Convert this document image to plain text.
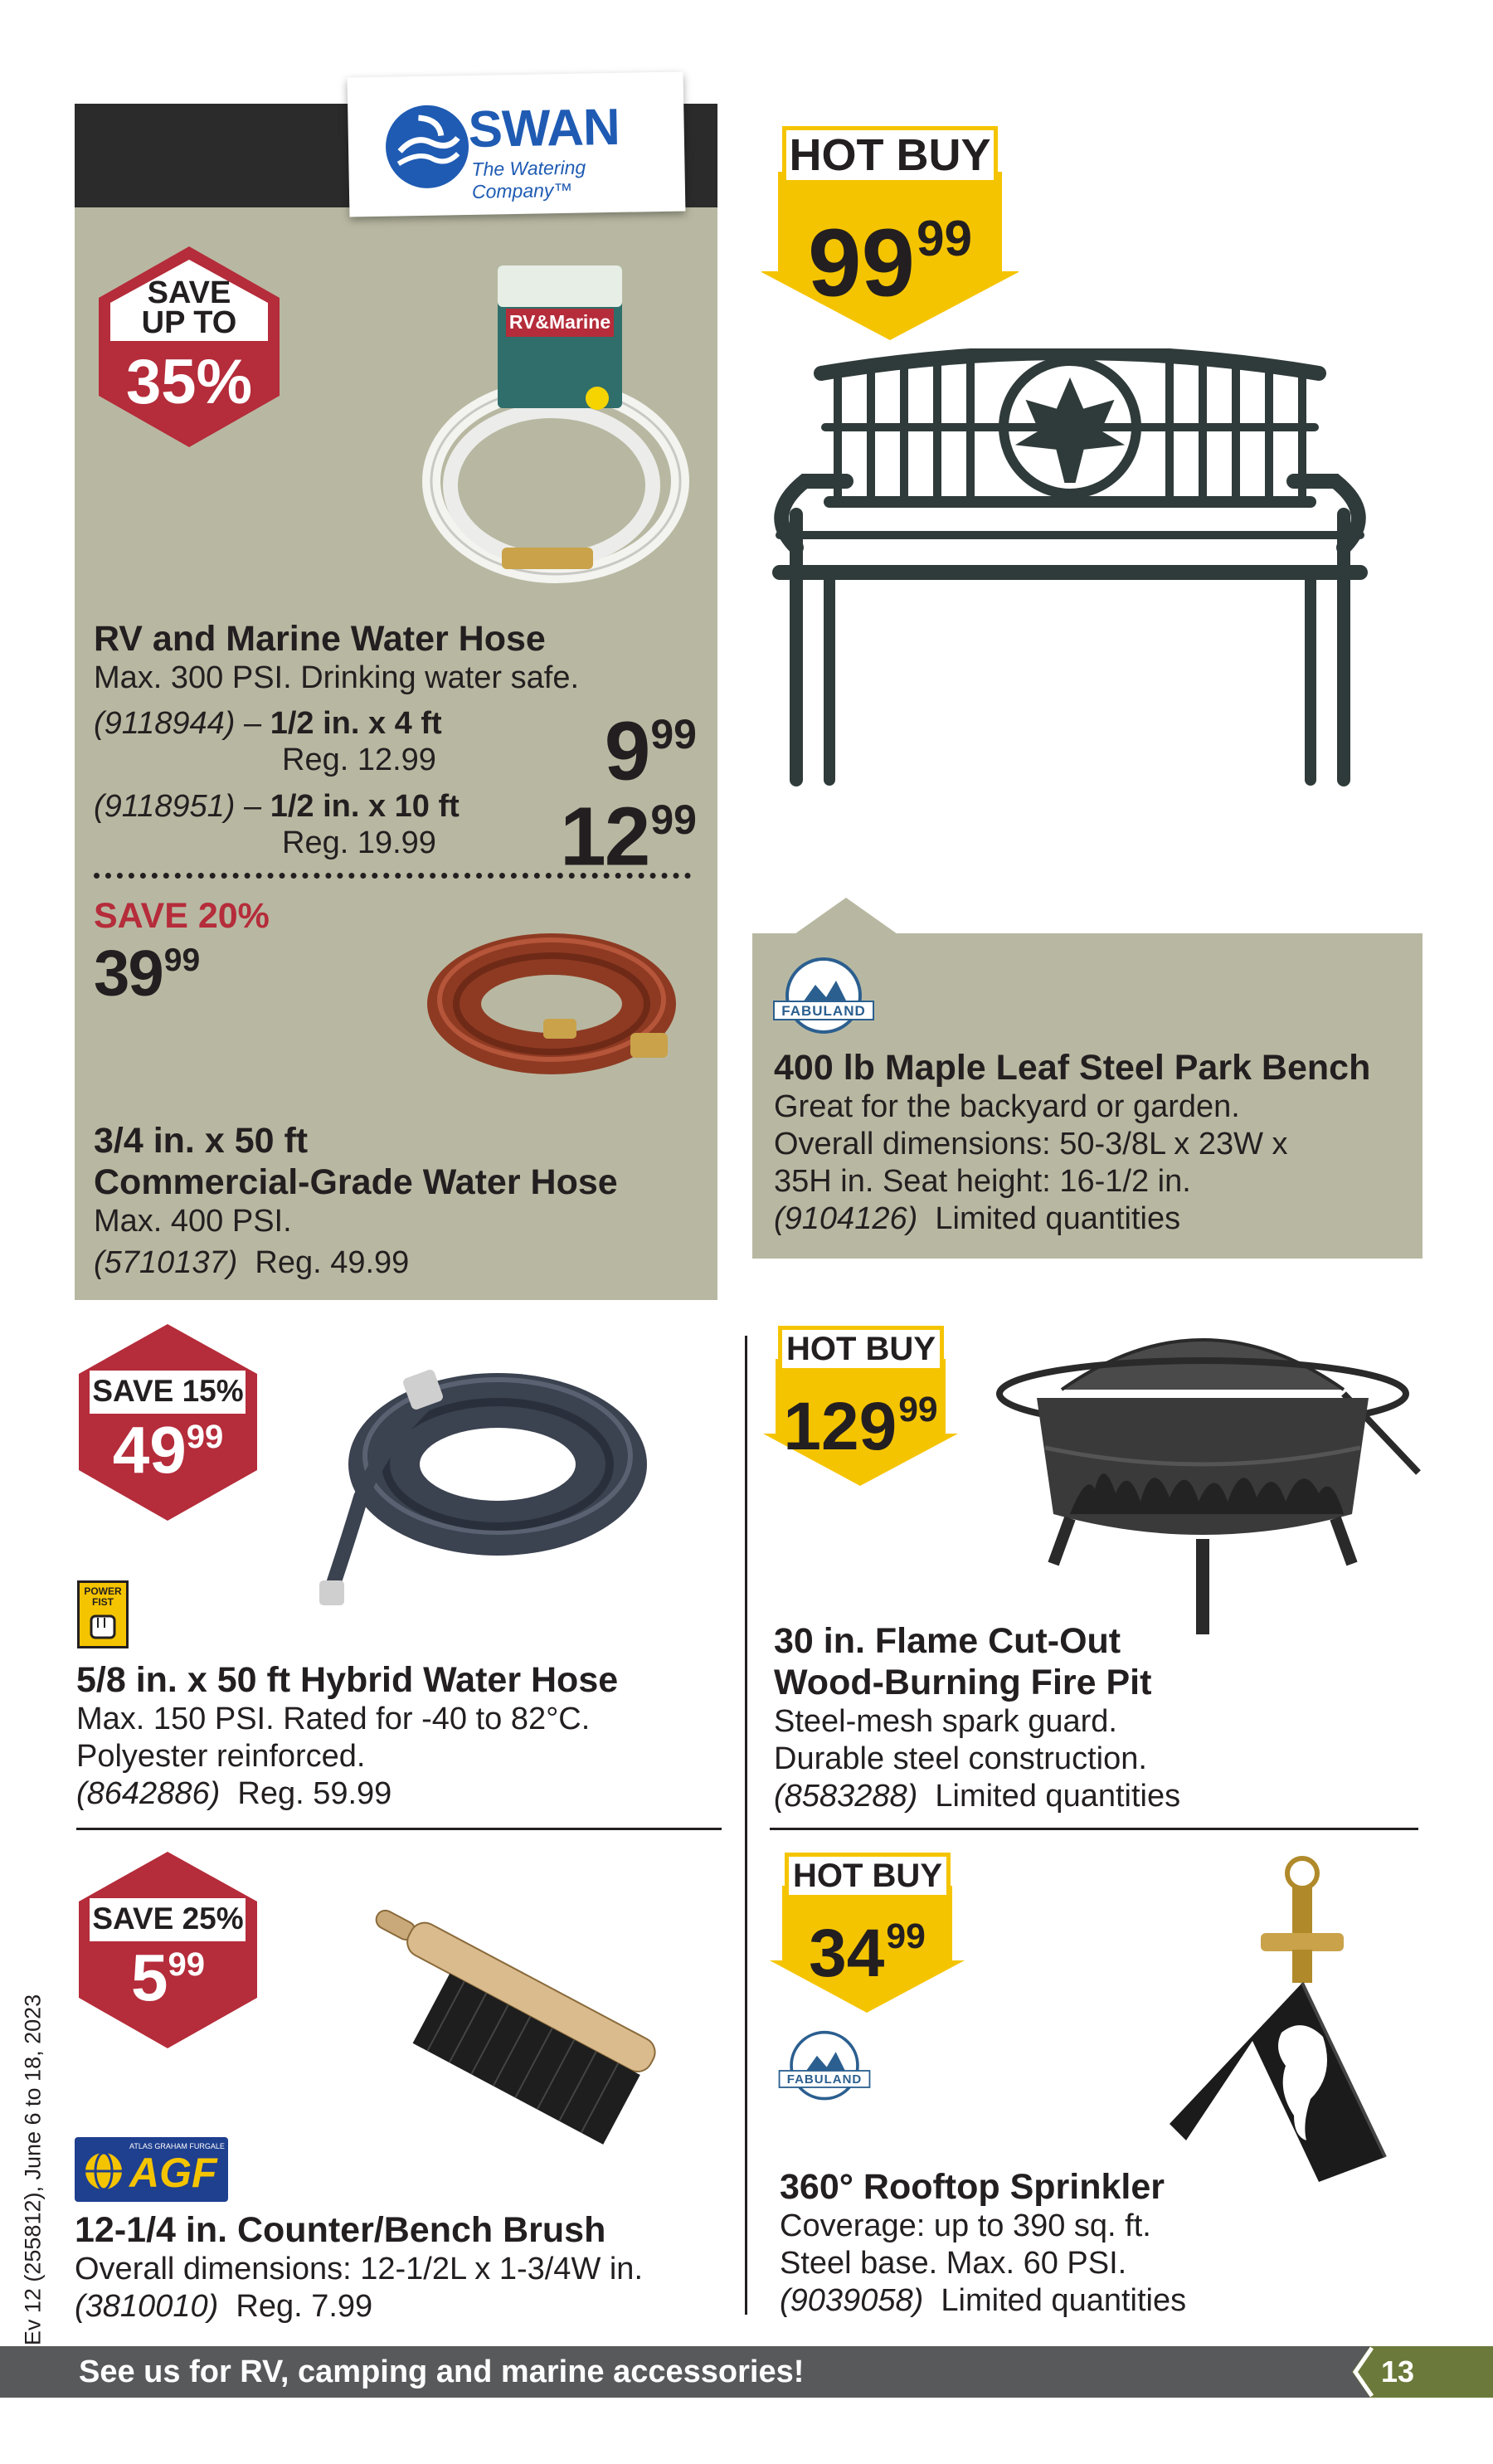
SWAN
The Watering Company™
SAVE UP TO
35%
RV&Marine
RV and Marine Water Hose
Max. 300 PSI. Drinking water safe.
(9118944) – 1/2 in. x 4 ft
Reg. 12.99 $9^{99}$
(9118951) – 1/2 in. x 10 ft
Reg. 19.99 $12^{99}$
SAVE 20%
$39^{99}$
3/4 in. x 50 ft
Commercial-Grade Water Hose
Max. 400 PSI.
(5710137) Reg. 49.99
HOT BUY
$99^{99}$
FABULAND
400 lb Maple Leaf Steel Park Bench
Great for the backyard or garden.
Overall dimensions: 50-3/8L x 23W x
35H in. Seat height: 16-1/2 in.
(9104126) Limited quantities
SAVE 15%
$49^{99}$
POWER FIST
5/8 in. x 50 ft Hybrid Water Hose
Max. 150 PSI. Rated for -40 to 82°C.
Polyester reinforced.
(8642886) Reg. 59.99
HOT BUY
$129^{99}$
30 in. Flame Cut-Out
Wood-Burning Fire Pit
Steel-mesh spark guard.
Durable steel construction.
(8583288) Limited quantities
SAVE 25%
$5^{99}$
ATLAS GRAHAM FURGALE
AGF
12-1/4 in. Counter/Bench Brush
Overall dimensions: 12-1/2L x 1-3/4W in.
(3810010) Reg. 7.99
HOT BUY
$34^{99}$
FABULAND
360° Rooftop Sprinkler
Coverage: up to 390 sq. ft.
Steel base. Max. 60 PSI.
(9039058) Limited quantities
Ev 12 (255812), June 6 to 18, 2023
See us for RV, camping and marine accessories!	13
